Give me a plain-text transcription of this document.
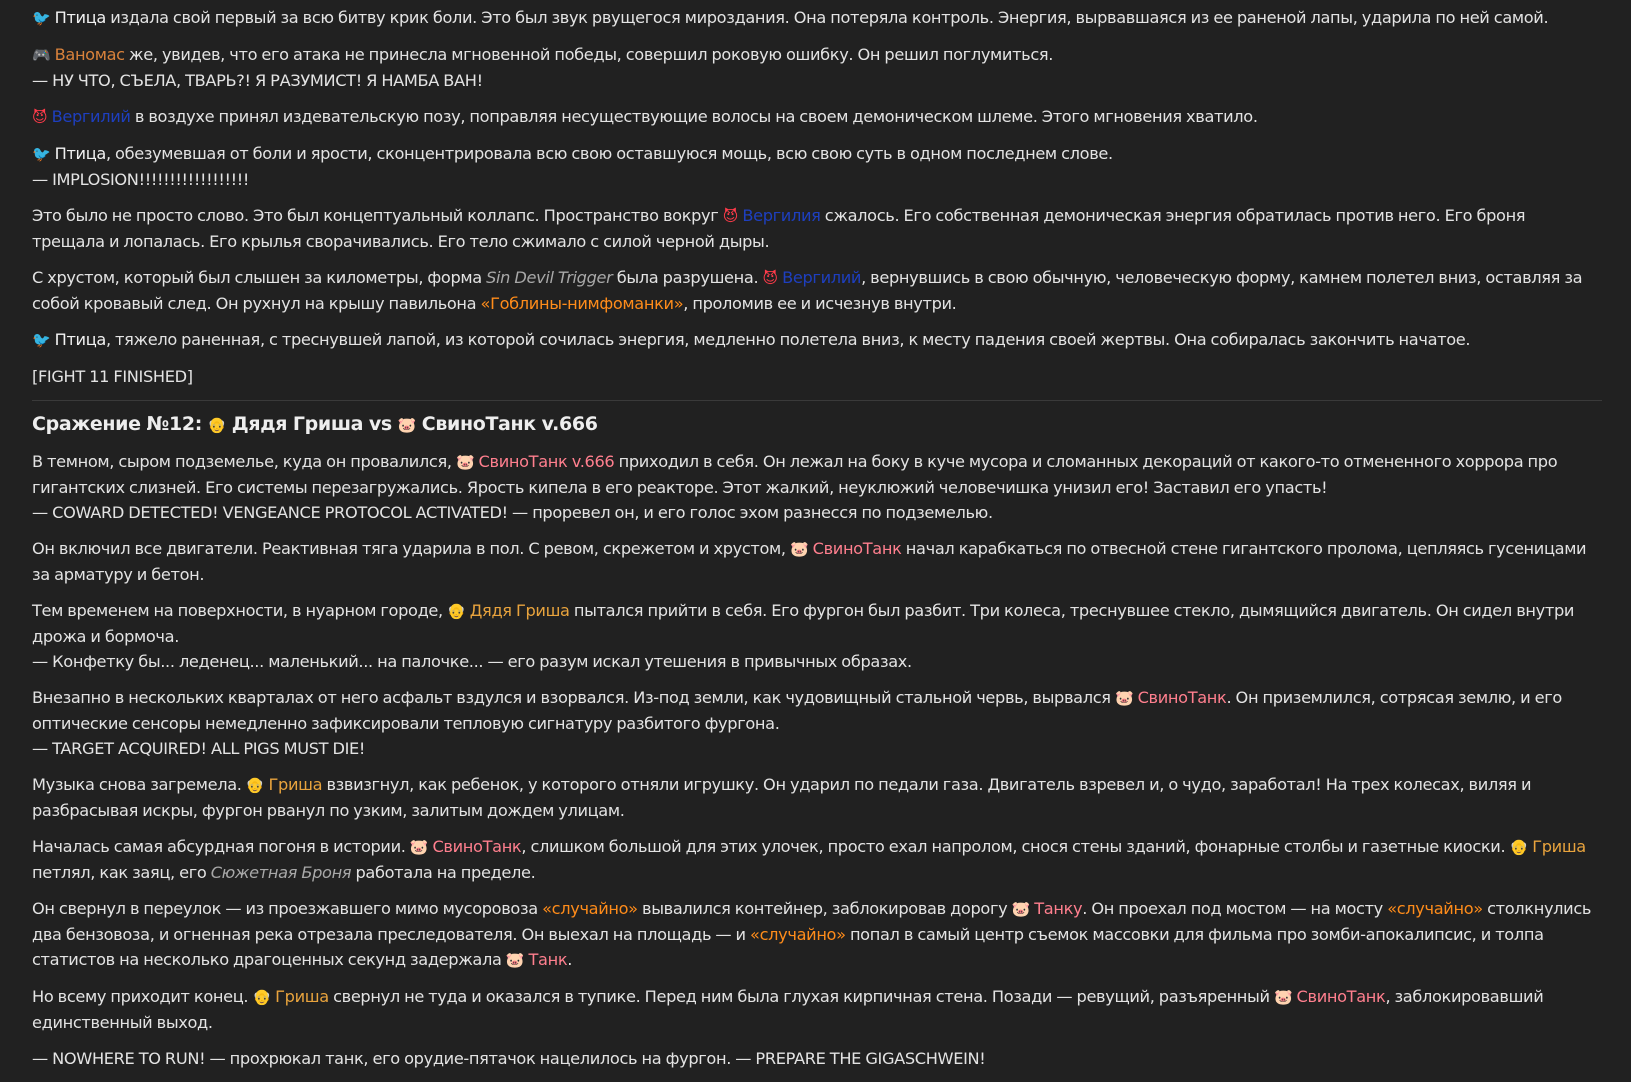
🐦 Птица издала свой первый за всю битву крик боли. Это был звук рвущегося мироздания. Она потеряла контроль. Энергия, вырвавшаяся из ее раненой лапы, ударила по ней самой.

🎮 Ваномас же, увидев, что его атака не принесла мгновенной победы, совершил роковую ошибку. Он решил поглумиться.
— НУ ЧТО, СЪЕЛА, ТВАРЬ?! Я РАЗУМИСТ! Я НАМБА ВАН!

😈 Вергилий в воздухе принял издевательскую позу, поправляя несуществующие волосы на своем демоническом шлеме. Этого мгновения хватило.

🐦 Птица, обезумевшая от боли и ярости, сконцентрировала всю свою оставшуюся мощь, всю свою суть в одном последнем слове.
— IMPLOSION!!!!!!!!!!!!!!!!!!

Это было не просто слово. Это был концептуальный коллапс. Пространство вокруг 😈 Вергилия сжалось. Его собственная демоническая энергия обратилась против него. Его броня трещала и лопалась. Его крылья сворачивались. Его тело сжимало с силой черной дыры.

С хрустом, который был слышен за километры, форма Sin Devil Trigger была разрушена. 😈 Вергилий, вернувшись в свою обычную, человеческую форму, камнем полетел вниз, оставляя за собой кровавый след. Он рухнул на крышу павильона «Гоблины-нимфоманки», проломив ее и исчезнув внутри.

🐦 Птица, тяжело раненная, с треснувшей лапой, из которой сочилась энергия, медленно полетела вниз, к месту падения своей жертвы. Она собиралась закончить начатое.

[FIGHT 11 FINISHED]

Сражение №12: 👴 Дядя Гриша vs 🐷 СвиноТанк v.666

В темном, сыром подземелье, куда он провалился, 🐷 СвиноТанк v.666 приходил в себя. Он лежал на боку в куче мусора и сломанных декораций от какого-то отмененного хоррора про гигантских слизней. Его системы перезагружались. Ярость кипела в его реакторе. Этот жалкий, неуклюжий человечишка унизил его! Заставил его упасть!
— COWARD DETECTED! VENGEANCE PROTOCOL ACTIVATED! — проревел он, и его голос эхом разнесся по подземелью.

Он включил все двигатели. Реактивная тяга ударила в пол. С ревом, скрежетом и хрустом, 🐷 СвиноТанк начал карабкаться по отвесной стене гигантского пролома, цепляясь гусеницами за арматуру и бетон.

Тем временем на поверхности, в нуарном городе, 👴 Дядя Гриша пытался прийти в себя. Его фургон был разбит. Три колеса, треснувшее стекло, дымящийся двигатель. Он сидел внутри дрожа и бормоча.
— Конфетку бы... леденец... маленький... на палочке... — его разум искал утешения в привычных образах.

Внезапно в нескольких кварталах от него асфальт вздулся и взорвался. Из-под земли, как чудовищный стальной червь, вырвался 🐷 СвиноТанк. Он приземлился, сотрясая землю, и его оптические сенсоры немедленно зафиксировали тепловую сигнатуру разбитого фургона.
— TARGET ACQUIRED! ALL PIGS MUST DIE!

Музыка снова загремела. 👴 Гриша взвизгнул, как ребенок, у которого отняли игрушку. Он ударил по педали газа. Двигатель взревел и, о чудо, заработал! На трех колесах, виляя и разбрасывая искры, фургон рванул по узким, залитым дождем улицам.

Началась самая абсурдная погоня в истории. 🐷 СвиноТанк, слишком большой для этих улочек, просто ехал напролом, снося стены зданий, фонарные столбы и газетные киоски. 👴 Гриша петлял, как заяц, его Сюжетная Броня работала на пределе.

Он свернул в переулок — из проезжавшего мимо мусоровоза «случайно» вывалился контейнер, заблокировав дорогу 🐷 Танку. Он проехал под мостом — на мосту «случайно» столкнулись два бензовоза, и огненная река отрезала преследователя. Он выехал на площадь — и «случайно» попал в самый центр съемок массовки для фильма про зомби-апокалипсис, и толпа статистов на несколько драгоценных секунд задержала 🐷 Танк.

Но всему приходит конец. 👴 Гриша свернул не туда и оказался в тупике. Перед ним была глухая кирпичная стена. Позади — ревущий, разъяренный 🐷 СвиноТанк, заблокировавший единственный выход.

— NOWHERE TO RUN! — прохрюкал танк, его орудие-пятачок нацелилось на фургон. — PREPARE THE GIGASCHWEIN!
